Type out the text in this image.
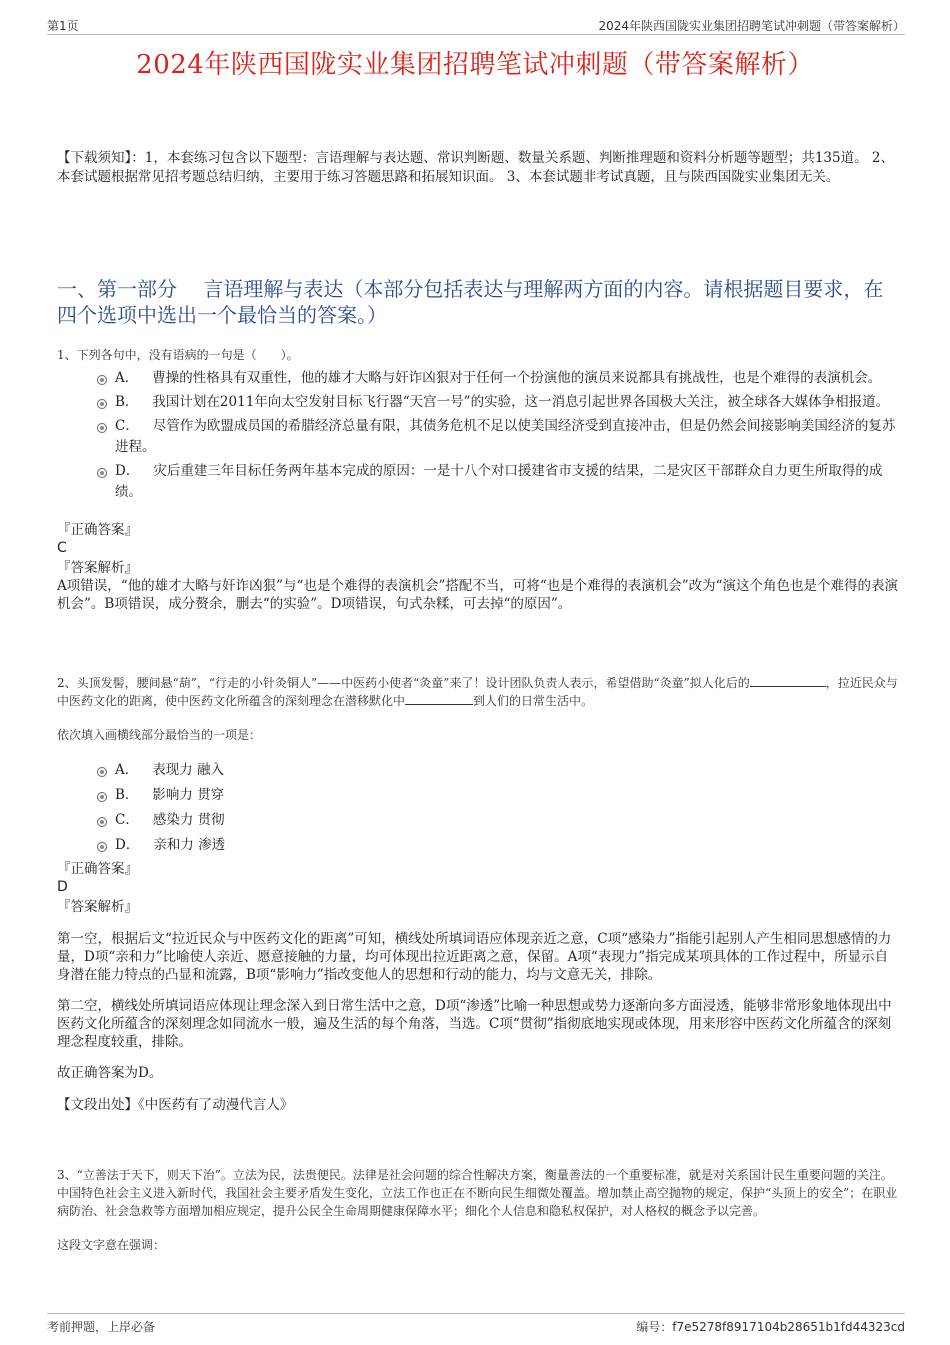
第1页	2024年陕西国陇实业集团招聘笔试冲刺题（带答案解析）
2024年陕西国陇实业集团招聘笔试冲刺题（带答案解析）
【下载须知】：1，本套练习包含以下题型：言语理解与表达题、常识判断题、数量关系题、判断推理题和资料分析题等题型；共135道。 2、本套试题根据常见招考题总结归纳，主要用于练习答题思路和拓展知识面。 3、本套试题非考试真题，且与陕西国陇实业集团无关。
一、第一部分　 言语理解与表达（本部分包括表达与理解两方面的内容。请根据题目要求，在四个选项中选出一个最恰当的答案。）
1、下列各句中，没有语病的一句是（　　）。
A． 曹操的性格具有双重性，他的雄才大略与奸诈凶狠对于任何一个扮演他的演员来说都具有挑战性，也是个难得的表演机会。
B． 我国计划在2011年向太空发射目标飞行器“天宫一号”的实验，这一消息引起世界各国极大关注，被全球各大媒体争相报道。
C． 尽管作为欧盟成员国的希腊经济总量有限，其债务危机不足以使美国经济受到直接冲击，但是仍然会间接影响美国经济的复苏进程。
D． 灾后重建三年目标任务两年基本完成的原因：一是十八个对口援建省市支援的结果，二是灾区干部群众自力更生所取得的成绩。
『正确答案』
C
『答案解析』
A项错误，“他的雄才大略与奸诈凶狠”与“也是个难得的表演机会”搭配不当，可将“也是个难得的表演机会”改为“演这个角色也是个难得的表演机会”。B项错误，成分赘余，删去“的实验”。D项错误，句式杂糅，可去掉“的原因”。
2、头顶发髻，腰间悬“葫”，“行走的小针灸铜人”——中医药小使者“灸童”来了！设计团队负责人表示，希望借助“灸童”拟人化后的	，拉近民众与中医药文化的距离，使中医药文化所蕴含的深刻理念在潜移默化中	到人们的日常生活中。
依次填入画横线部分最恰当的一项是：
A． 表现力 融入
B． 影响力 贯穿
C． 感染力 贯彻
D． 亲和力 渗透
『正确答案』
D
『答案解析』
第一空，根据后文“拉近民众与中医药文化的距离”可知，横线处所填词语应体现亲近之意，C项“感染力”指能引起别人产生相同思想感情的力量，D项“亲和力”比喻使人亲近、愿意接触的力量，均可体现出拉近距离之意，保留。A项“表现力”指完成某项具体的工作过程中，所显示自身潜在能力特点的凸显和流露，B项“影响力”指改变他人的思想和行动的能力，均与文意无关，排除。
第二空，横线处所填词语应体现让理念深入到日常生活中之意，D项“渗透”比喻一种思想或势力逐渐向多方面浸透，能够非常形象地体现出中医药文化所蕴含的深刻理念如同流水一般，遍及生活的每个角落，当选。C项“贯彻”指彻底地实现或体现，用来形容中医药文化所蕴含的深刻理念程度较重，排除。
故正确答案为D。
【文段出处】《中医药有了动漫代言人》
3、“立善法于天下，则天下治”。立法为民，法贵便民。法律是社会问题的综合性解决方案，衡量善法的一个重要标准，就是对关系国计民生重要问题的关注。中国特色社会主义进入新时代，我国社会主要矛盾发生变化，立法工作也正在不断向民生细微处覆盖。增加禁止高空抛物的规定，保护“头顶上的安全”；在职业病防治、社会急救等方面增加相应规定，提升公民全生命周期健康保障水平；细化个人信息和隐私权保护，对人格权的概念予以完善。
这段文字意在强调：
考前押题，上岸必备	编号：f7e5278f8917104b28651b1fd44323cd
